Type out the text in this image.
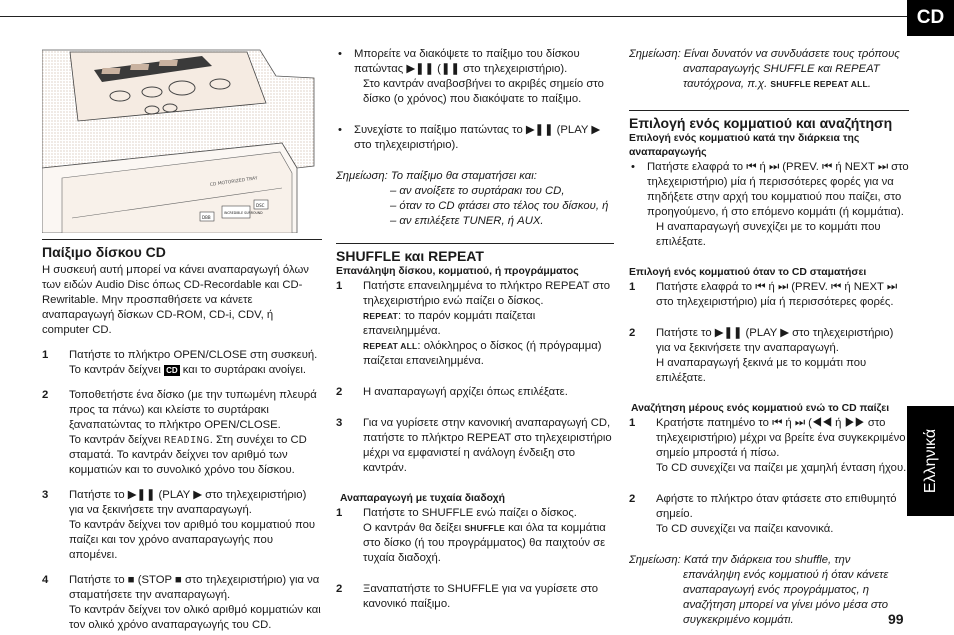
CD
Ελληνικά
99
CD MOTORIZED TRAY
DBB
INCREDIBLE SURROUND
DSC
Παίξιμο δίσκου CD

Η συσκευή αυτή μπορεί να κάνει αναπαραγωγή όλων των ειδών Audio Disc όπως CD-Recordable και CD-Rewritable. Μην προσπαθήσετε να κάνετε αναπαραγωγή δίσκων CD-ROM, CD-i, CDV, ή computer CD.

1 Πατήστε το πλήκτρο OPEN/CLOSE στη συσκευή.
Το καντράν δείχνει CD και το συρτάρακι ανοίγει.
2 Τοποθετήστε ένα δίσκο (με την τυπωμένη πλευρά προς τα πάνω) και κλείστε το συρτάρακι ξαναπατώντας το πλήκτρο OPEN/CLOSE.
Το καντράν δείχνει READING. Στη συνέχει το CD σταματά. Το καντράν δείχνει τον αριθμό των κομματιών και το συνολικό χρόνο του δίσκου.
3 Πατήστε το ▶❚❚ (PLAY ▶ στο τηλεχειριστήριο) για να ξεκινήσετε την αναπαραγωγή.
Το καντράν δείχνει τον αριθμό του κομματιού που παίζει και τον χρόνο αναπαραγωγής που απομένει.
4 Πατήστε το ■ (STOP ■ στο τηλεχειριστήριο) για να σταματήσετε την αναπαραγωγή.
Το καντράν δείχνει τον ολικό αριθμό κομματιών και τον ολικό χρόνο αναπαραγωγής του CD.
• Μπορείτε να διακόψετε το παίξιμο του δίσκου πατώντας ▶❚❚ (❚❚ στο τηλεχειριστήριο).
Στο καντράν αναβοσβήνει το ακριβές σημείο στο δίσκο (ο χρόνος) που διακόψατε το παίξιμο.
• Συνεχίστε το παίξιμο πατώντας το ▶❚❚ (PLAY ▶ στο τηλεχειριστήριο).

Σημείωση: Το παίξιμο θα σταματήσει και:

– αν ανοίξετε το συρτάρακι του CD,

– όταν το CD φτάσει στο τέλος του δίσκου, ή

– αν επιλέξετε TUNER, ή AUX.

SHUFFLE και REPEAT
Επανάληψη δίσκου, κομματιού, ή προγράμματος
1 Πατήστε επανειλημμένα το πλήκτρο REPEAT στο τηλεχειριστήριο ενώ παίζει ο δίσκος.
REPEAT: το παρόν κομμάτι παίζεται επανειλημμένα.
REPEAT ALL: ολόκληρος ο δίσκος (ή πρόγραμμα) παίζεται επανειλημμένα.
2 Η αναπαραγωγή αρχίζει όπως επιλέξατε.
3 Για να γυρίσετε στην κανονική αναπαραγωγή CD, πατήστε το πλήκτρο REPEAT στο τηλεχειριστήριο μέχρι να εμφανιστεί η ανάλογη ένδειξη στο καντράν.
Αναπαραγωγή με τυχαία διαδοχή
1 Πατήστε το SHUFFLE ενώ παίζει ο δίσκος.
Ο καντράν θα δείξει SHUFFLE και όλα τα κομμάτια στο δίσκο (ή του προγράμματος) θα παιχτούν σε τυχαία διαδοχή.
2 Ξαναπατήστε το SHUFFLE για να γυρίσετε στο κανονικό παίξιμο.
Σημείωση: Είναι δυνατόν να συνδυάσετε τους τρόπους αναπαραγωγής SHUFFLE και REPEAT ταυτόχρονα, π.χ. SHUFFLE REPEAT ALL.
Επιλογή ενός κομματιού και αναζήτηση
Επιλογή ενός κομματιού κατά την διάρκεια της αναπαραγωγής
• Πατήστε ελαφρά το ⏮ ή ⏭ (PREV. ⏮ ή NEXT ⏭ στο τηλεχειριστήριο) μία ή περισσότερες φορές για να πηδήξετε στην αρχή του κομματιού που παίζει, στο προηγούμενο, ή στο επόμενο κομμάτι (ή κομμάτια).
Η αναπαραγωγή συνεχίζει με το κομμάτι που επιλέξατε.
Επιλογή ενός κομματιού όταν το CD σταματήσει
1 Πατήστε ελαφρά το ⏮ ή ⏭ (PREV. ⏮ ή NEXT ⏭ στο τηλεχειριστήριο) μία ή περισσότερες φορές.
2 Πατήστε το ▶❚❚ (PLAY ▶ στο τηλεχειριστήριο) για να ξεκινήσετε την αναπαραγωγή.
Η αναπαραγωγή ξεκινά με το κομμάτι που επιλέξατε.
Αναζήτηση μέρους ενός κομματιού ενώ το CD παίζει
1 Κρατήστε πατημένο το ⏮ ή ⏭ (◀◀ ή ▶▶ στο τηλεχειριστήριο) μέχρι να βρείτε ένα συγκεκριμένο σημείο μπροστά ή πίσω.
Το CD συνεχίζει να παίζει με χαμηλή ένταση ήχου.
2 Αφήστε το πλήκτρο όταν φτάσετε στο επιθυμητό σημείο.
Το CD συνεχίζει να παίζει κανονικά.
Σημείωση: Κατά την διάρκεια του shuffle, την επανάληψη ενός κομματιού ή όταν κάνετε αναπαραγωγή ενός προγράμματος, η αναζήτηση μπορεί να γίνει μόνο μέσα στο συγκεκριμένο κομμάτι.
